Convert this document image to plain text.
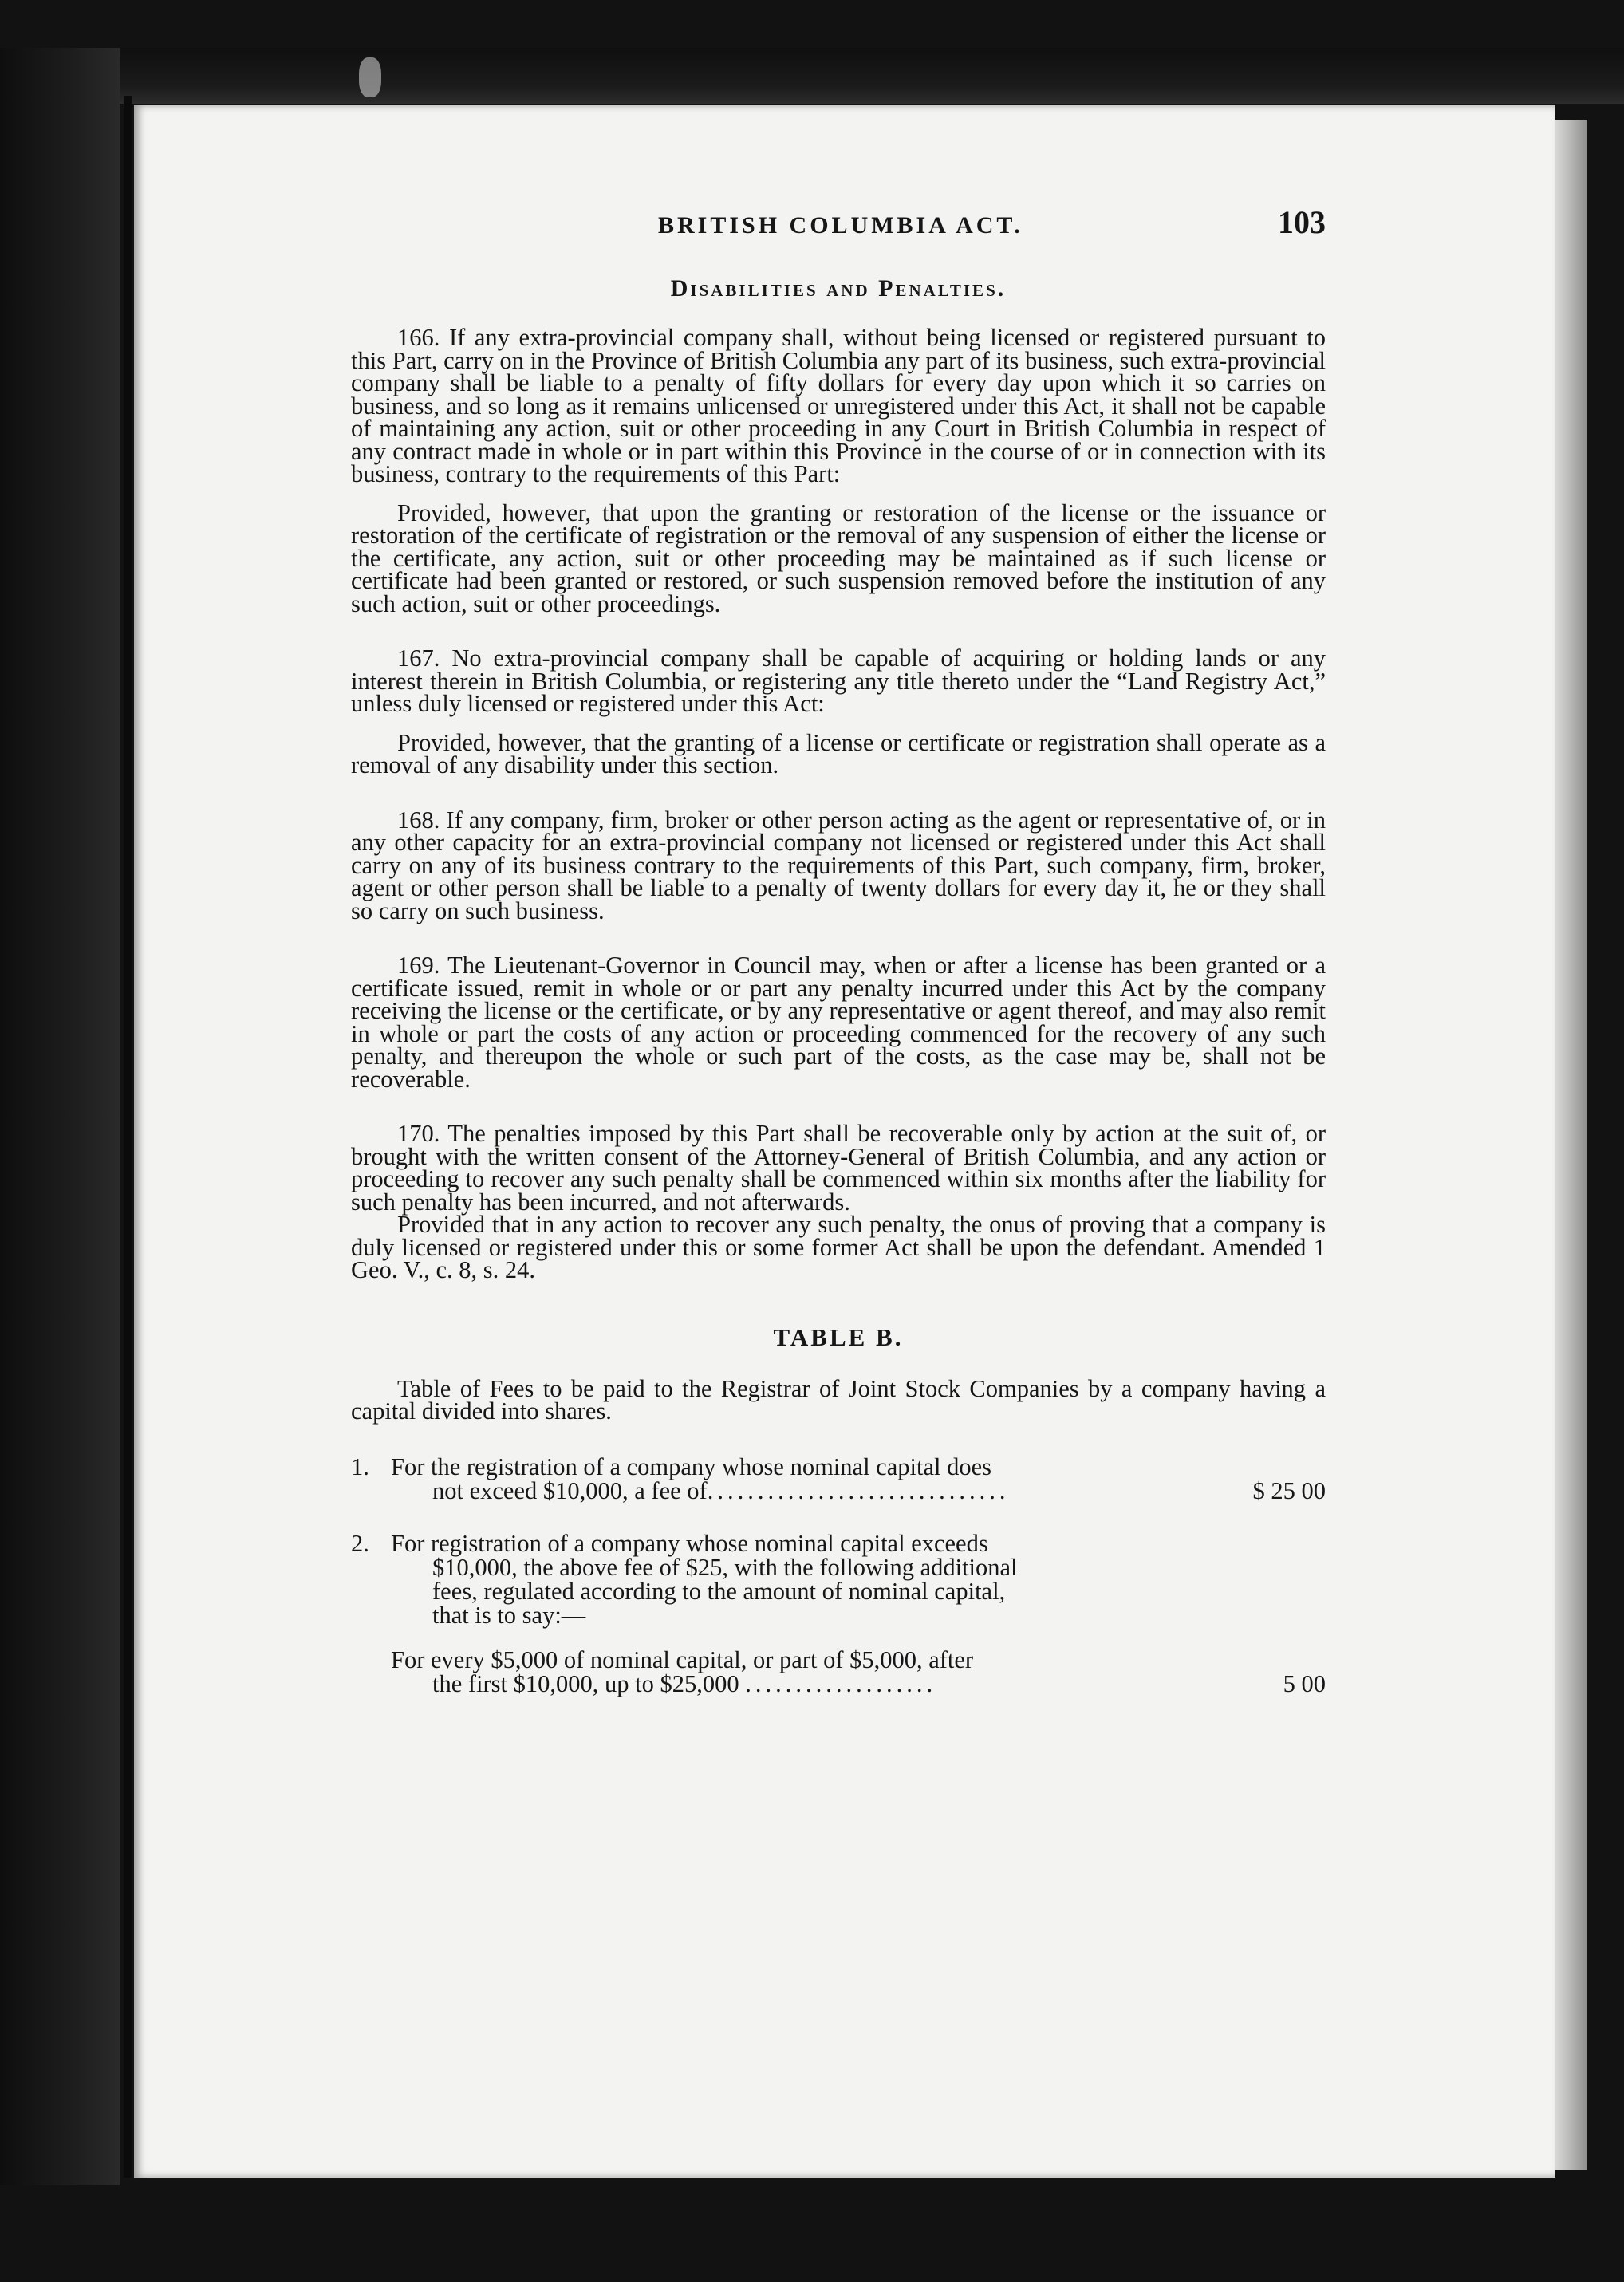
BRITISH COLUMBIA ACT.	103
Disabilities and Penalties.

166. If any extra-provincial company shall, without being licensed or registered pursuant to this Part, carry on in the Province of British Columbia any part of its business, such extra-provincial company shall be liable to a penalty of fifty dollars for every day upon which it so carries on business, and so long as it remains unlicensed or unregistered under this Act, it shall not be capable of maintaining any action, suit or other proceeding in any Court in British Columbia in respect of any contract made in whole or in part within this Province in the course of or in connection with its business, contrary to the requirements of this Part:

Provided, however, that upon the granting or restoration of the license or the issuance or restoration of the certificate of registration or the removal of any suspension of either the license or the certificate, any action, suit or other proceeding may be maintained as if such license or certificate had been granted or restored, or such suspension removed before the institution of any such action, suit or other proceedings.

167. No extra-provincial company shall be capable of acquiring or holding lands or any interest therein in British Columbia, or registering any title thereto under the “Land Registry Act,” unless duly licensed or registered under this Act:

Provided, however, that the granting of a license or certificate or registration shall operate as a removal of any disability under this section.

168. If any company, firm, broker or other person acting as the agent or representative of, or in any other capacity for an extra-provincial company not licensed or registered under this Act shall carry on any of its business contrary to the requirements of this Part, such company, firm, broker, agent or other person shall be liable to a penalty of twenty dollars for every day it, he or they shall so carry on such business.

169. The Lieutenant-Governor in Council may, when or after a license has been granted or a certificate issued, remit in whole or or part any penalty incurred under this Act by the company receiving the license or the certificate, or by any representative or agent thereof, and may also remit in whole or part the costs of any action or proceeding commenced for the recovery of any such penalty, and thereupon the whole or such part of the costs, as the case may be, shall not be recoverable.

170. The penalties imposed by this Part shall be recoverable only by action at the suit of, or brought with the written consent of the Attorney-General of British Columbia, and any action or proceeding to recover any such penalty shall be commenced within six months after the liability for such penalty has been incurred, and not afterwards.

Provided that in any action to recover any such penalty, the onus of proving that a company is duly licensed or registered under this or some former Act shall be upon the defendant. Amended 1 Geo. V., c. 8, s. 24.

TABLE B.

Table of Fees to be paid to the Registrar of Joint Stock Companies by a company having a capital divided into shares.

1. For the registration of a company whose nominal capital does
not exceed $10,000, a fee of..............................	$ 25 00
2. For registration of a company whose nominal capital exceeds
$10,000, the above fee of $25, with the following additional
fees, regulated according to the amount of nominal capital,
that is to say:—
For every $5,000 of nominal capital, or part of $5,000, after
the first $10,000, up to $25,000 ...................	5 00
